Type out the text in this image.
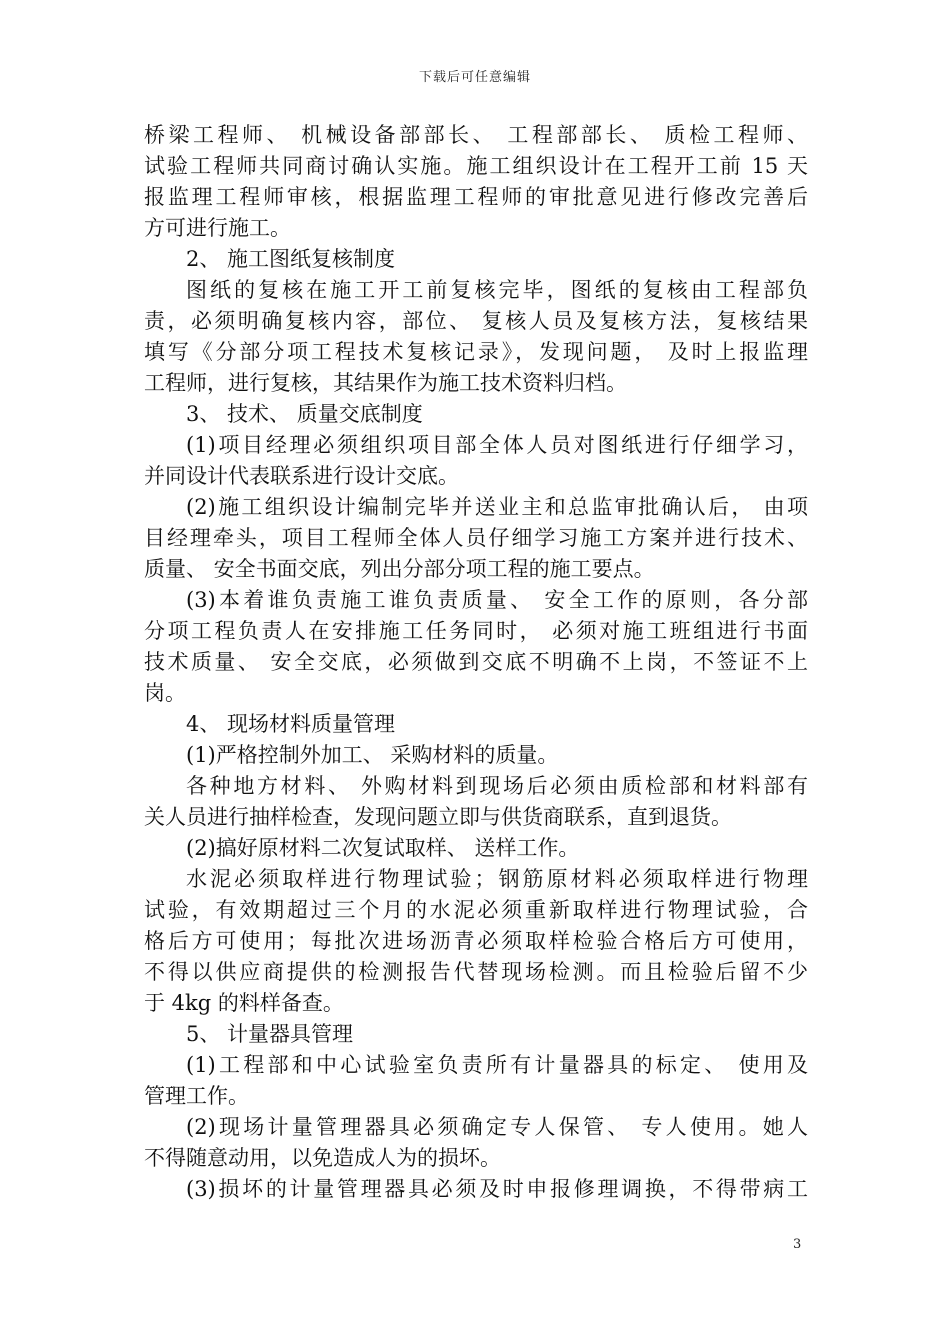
下载后可任意编辑
桥梁工程师、 机械设备部部长、 工程部部长、 质检工程师、
试验工程师共同商讨确认实施。施工组织设计在工程开工前 15 天
报监理工程师审核，根据监理工程师的审批意见进行修改完善后
方可进行施工。
2、 施工图纸复核制度
图纸的复核在施工开工前复核完毕，图纸的复核由工程部负
责，必须明确复核内容，部位、 复核人员及复核方法，复核结果
填写《分部分项工程技术复核记录》，发现问题， 及时上报监理
工程师，进行复核，其结果作为施工技术资料归档。
3、 技术、 质量交底制度
(1)项目经理必须组织项目部全体人员对图纸进行仔细学习，
并同设计代表联系进行设计交底。
(2)施工组织设计编制完毕并送业主和总监审批确认后， 由项
目经理牵头，项目工程师全体人员仔细学习施工方案并进行技术、
质量、 安全书面交底，列出分部分项工程的施工要点。
(3)本着谁负责施工谁负责质量、 安全工作的原则，各分部
分项工程负责人在安排施工任务同时， 必须对施工班组进行书面
技术质量、 安全交底，必须做到交底不明确不上岗，不签证不上
岗。
4、 现场材料质量管理
(1)严格控制外加工、 采购材料的质量。
各种地方材料、 外购材料到现场后必须由质检部和材料部有
关人员进行抽样检查，发现问题立即与供货商联系，直到退货。
(2)搞好原材料二次复试取样、 送样工作。
水泥必须取样进行物理试验；钢筋原材料必须取样进行物理
试验，有效期超过三个月的水泥必须重新取样进行物理试验，合
格后方可使用；每批次进场沥青必须取样检验合格后方可使用，
不得以供应商提供的检测报告代替现场检测。而且检验后留不少
于 4kg 的料样备查。
5、 计量器具管理
(1)工程部和中心试验室负责所有计量器具的标定、 使用及
管理工作。
(2)现场计量管理器具必须确定专人保管、 专人使用。她人
不得随意动用，以免造成人为的损坏。
(3)损坏的计量管理器具必须及时申报修理调换，不得带病工
3
